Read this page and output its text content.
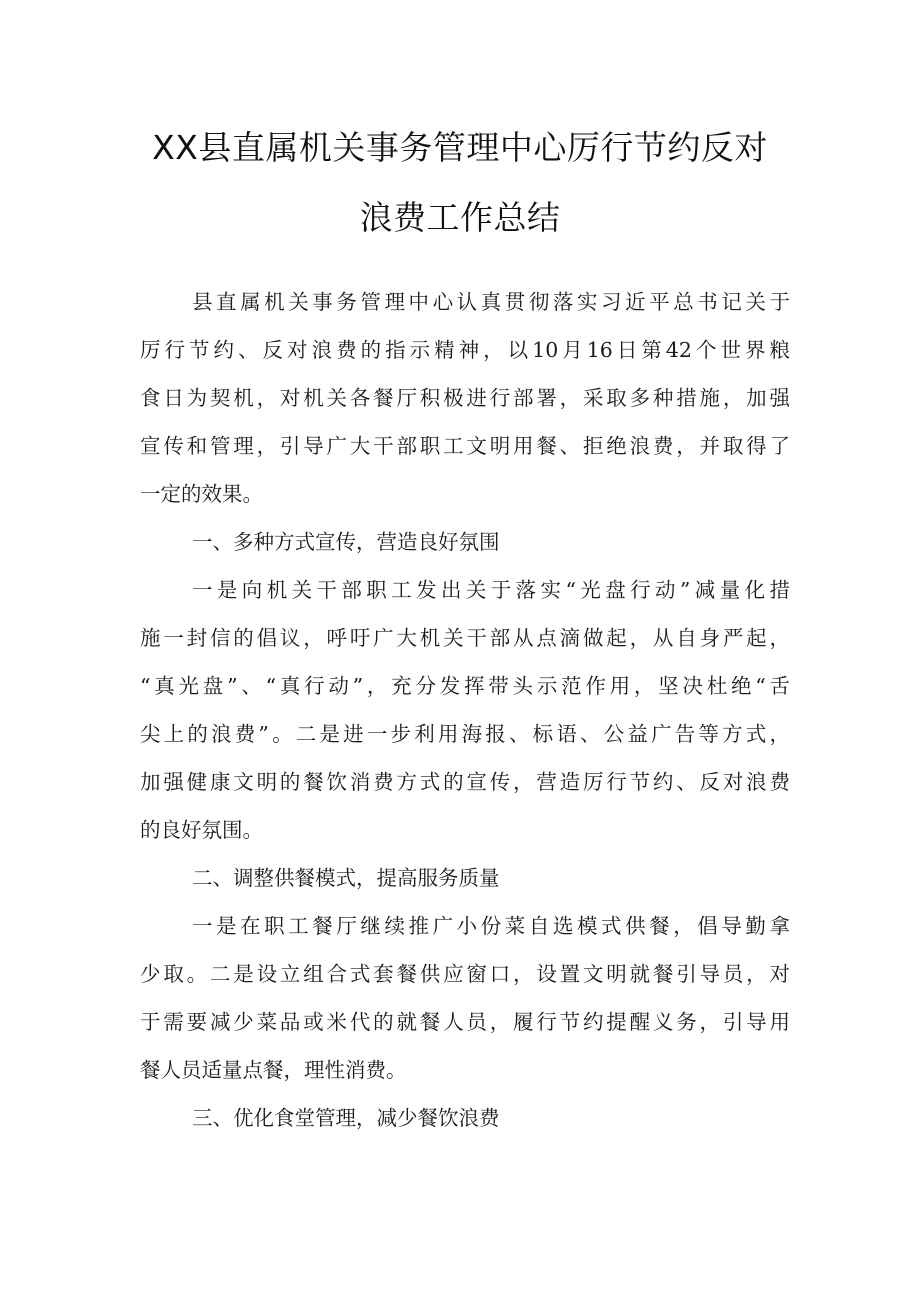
XX县直属机关事务管理中心厉行节约反对
浪费工作总结
县直属机关事务管理中心认真贯彻落实习近平总书记关于
厉行节约、反对浪费的指示精神，以10月16日第42个世界粮
食日为契机，对机关各餐厅积极进行部署，采取多种措施，加强
宣传和管理，引导广大干部职工文明用餐、拒绝浪费，并取得了
一定的效果。
一、多种方式宣传，营造良好氛围
一是向机关干部职工发出关于落实“光盘行动”减量化措
施一封信的倡议，呼吁广大机关干部从点滴做起，从自身严起，
“真光盘”、“真行动”，充分发挥带头示范作用，坚决杜绝“舌
尖上的浪费”。二是进一步利用海报、标语、公益广告等方式，
加强健康文明的餐饮消费方式的宣传，营造厉行节约、反对浪费
的良好氛围。
二、调整供餐模式，提高服务质量
一是在职工餐厅继续推广小份菜自选模式供餐，倡导勤拿
少取。二是设立组合式套餐供应窗口，设置文明就餐引导员，对
于需要减少菜品或米代的就餐人员，履行节约提醒义务，引导用
餐人员适量点餐，理性消费。
三、优化食堂管理，减少餐饮浪费
